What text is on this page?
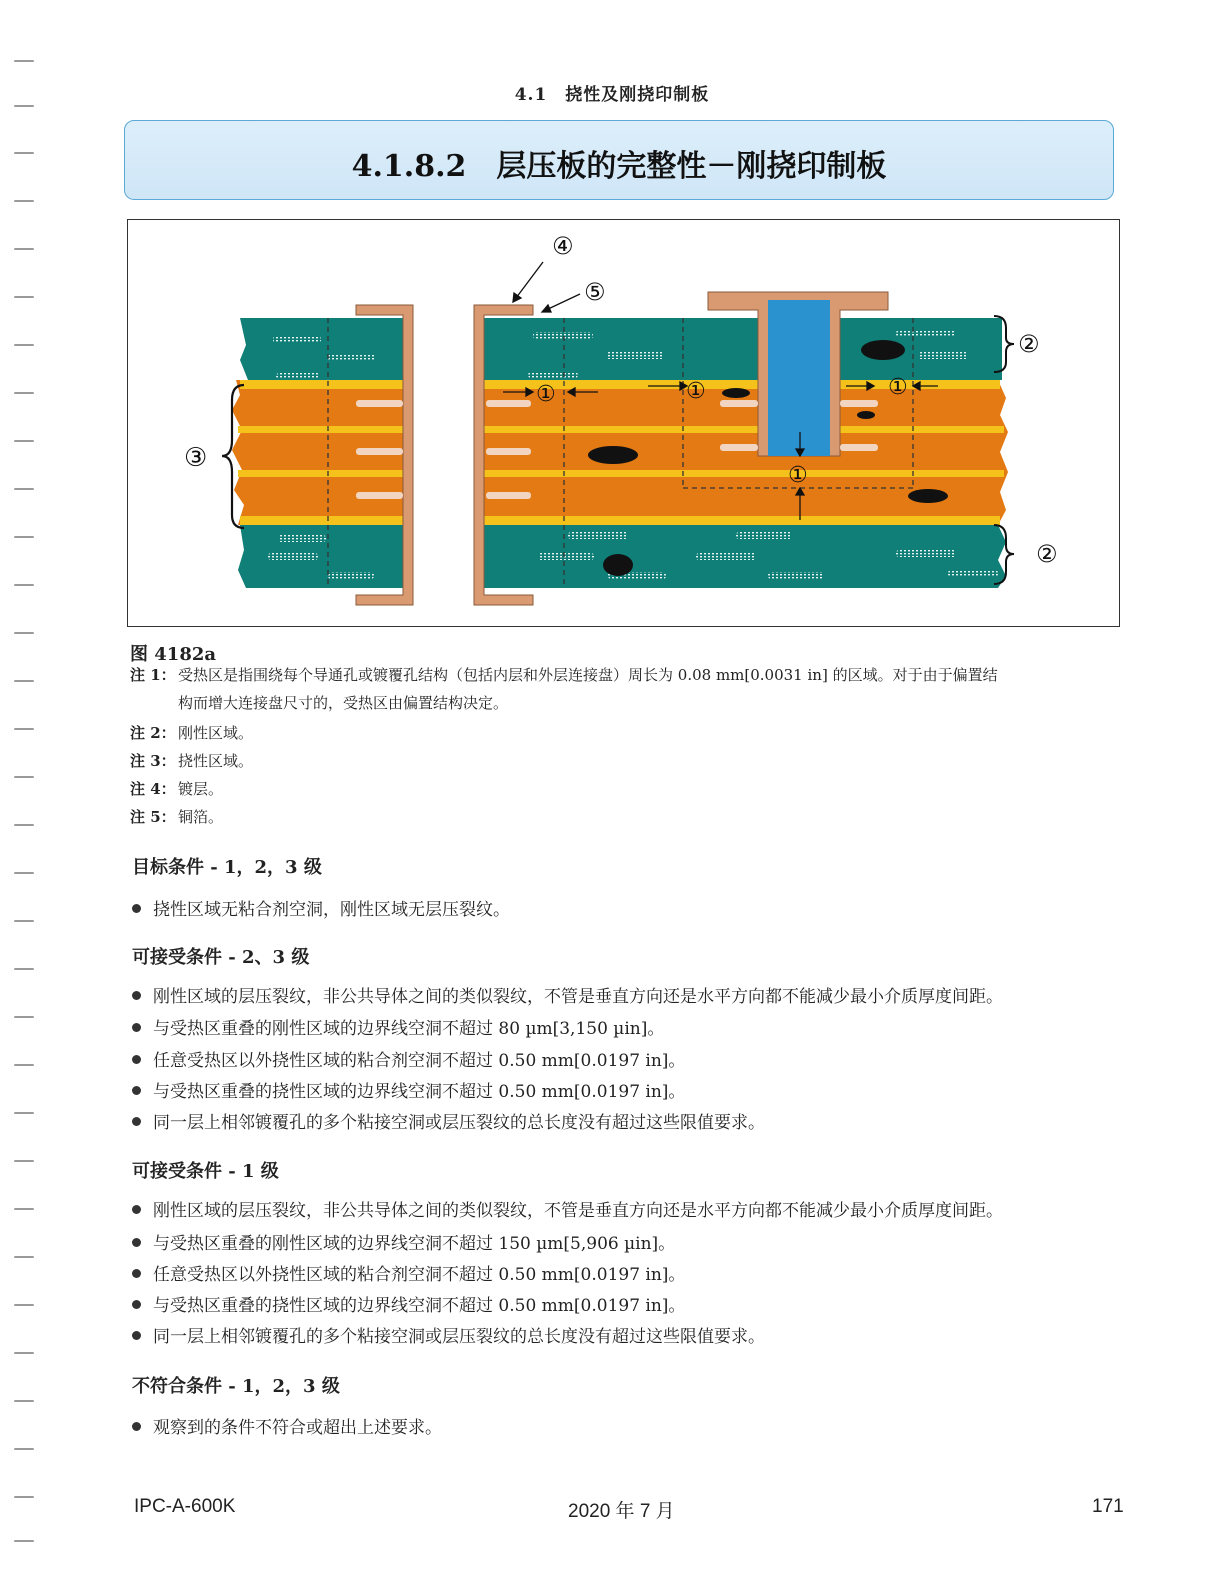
4.1　挠性及刚挠印制板
4.1.8.2　层压板的完整性－刚挠印制板
④
⑤
①	①	①
①
②
②
③
图 4182a
注 1： 受热区是指围绕每个导通孔或镀覆孔结构（包括内层和外层连接盘）周长为 0.08 mm[0.0031 in] 的区域。对于由于偏置结
构而增大连接盘尺寸的，受热区由偏置结构决定。
注 2： 刚性区域。
注 3： 挠性区域。
注 4： 镀层。
注 5： 铜箔。
目标条件 - 1，2，3 级
挠性区域无粘合剂空洞，刚性区域无层压裂纹。
可接受条件 - 2、3 级
刚性区域的层压裂纹，非公共导体之间的类似裂纹，不管是垂直方向还是水平方向都不能减少最小介质厚度间距。
与受热区重叠的刚性区域的边界线空洞不超过 80 µm[3,150 µin]。
任意受热区以外挠性区域的粘合剂空洞不超过 0.50 mm[0.0197 in]。
与受热区重叠的挠性区域的边界线空洞不超过 0.50 mm[0.0197 in]。
同一层上相邻镀覆孔的多个粘接空洞或层压裂纹的总长度没有超过这些限值要求。
可接受条件 - 1 级
刚性区域的层压裂纹，非公共导体之间的类似裂纹，不管是垂直方向还是水平方向都不能减少最小介质厚度间距。
与受热区重叠的刚性区域的边界线空洞不超过 150 µm[5,906 µin]。
任意受热区以外挠性区域的粘合剂空洞不超过 0.50 mm[0.0197 in]。
与受热区重叠的挠性区域的边界线空洞不超过 0.50 mm[0.0197 in]。
同一层上相邻镀覆孔的多个粘接空洞或层压裂纹的总长度没有超过这些限值要求。
不符合条件 - 1，2，3 级
观察到的条件不符合或超出上述要求。
IPC-A-600K	2020 年 7 月	171
